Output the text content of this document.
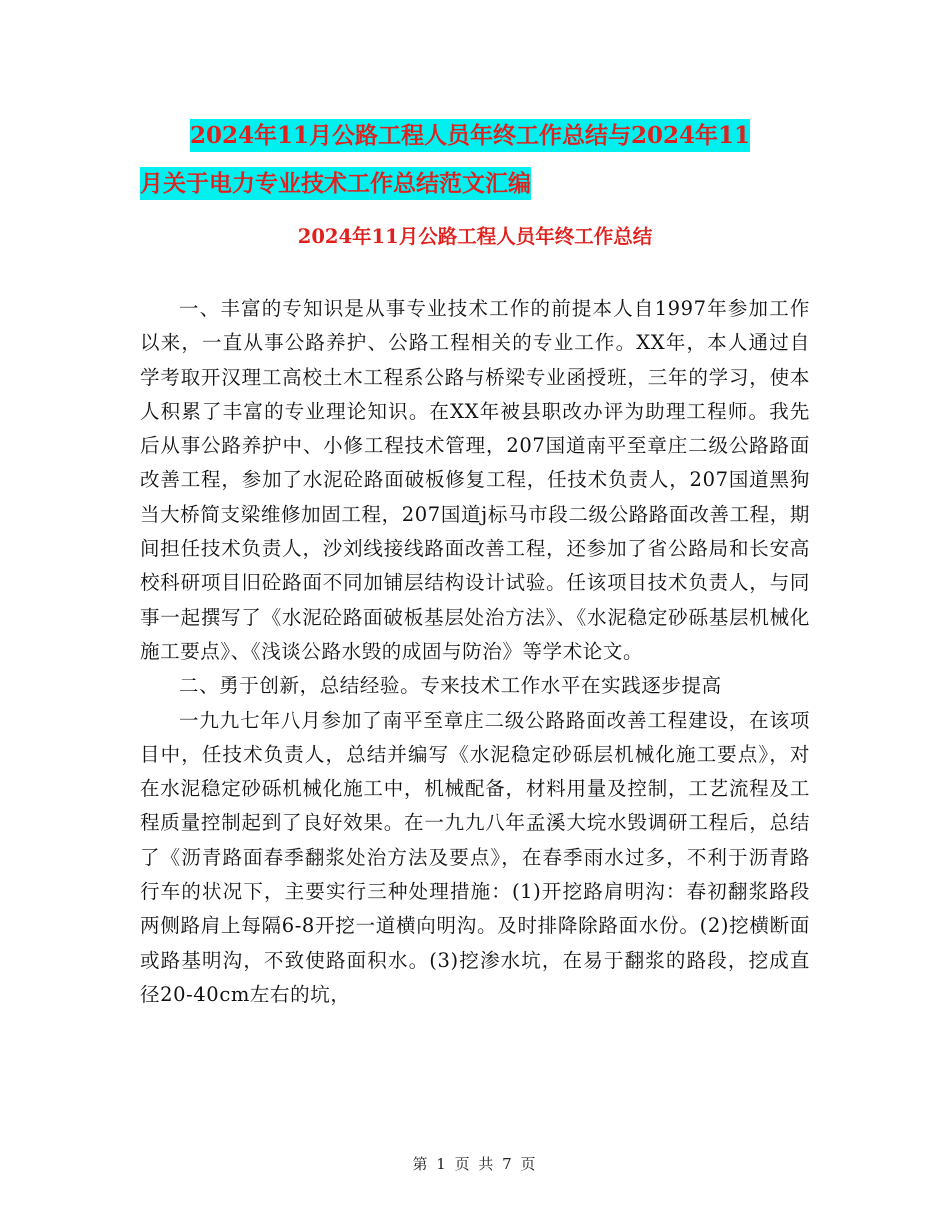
2024年11月公路工程人员年终工作总结与2024年11
月关于电力专业技术工作总结范文汇编
2024年11月公路工程人员年终工作总结

一、丰富的专知识是从事专业技术工作的前提本人自1997年参加工作以来，一直从事公路养护、公路工程相关的专业工作。XX年，本人通过自学考取开汉理工高校土木工程系公路与桥梁专业函授班，三年的学习，使本人积累了丰富的专业理论知识。在XX年被县职改办评为助理工程师。我先后从事公路养护中、小修工程技术管理，207国道南平至章庄二级公路路面改善工程，参加了水泥砼路面破板修复工程，任技术负责人，207国道黑狗当大桥简支梁维修加固工程，207国道j标马市段二级公路路面改善工程，期间担任技术负责人，沙刘线接线路面改善工程，还参加了省公路局和长安高校科研项目旧砼路面不同加铺层结构设计试验。任该项目技术负责人，与同事一起撰写了《水泥砼路面破板基层处治方法》、《水泥稳定砂砾基层机械化施工要点》、《浅谈公路水毁的成固与防治》等学术论文。

二、勇于创新，总结经验。专来技术工作水平在实践逐步提高

一九九七年八月参加了南平至章庄二级公路路面改善工程建设，在该项目中，任技术负责人，总结并编写《水泥稳定砂砾层机械化施工要点》，对在水泥稳定砂砾机械化施工中，机械配备，材料用量及控制，工艺流程及工程质量控制起到了良好效果。在一九九八年孟溪大垸水毁调研工程后，总结了《沥青路面春季翻浆处治方法及要点》，在春季雨水过多，不利于沥青路行车的状况下，主要实行三种处理措施：(1)开挖路肩明沟：春初翻浆路段两侧路肩上每隔6-8开挖一道横向明沟。及时排降除路面水份。(2)挖横断面或路基明沟，不致使路面积水。(3)挖渗水坑，在易于翻浆的路段，挖成直径20-40cm左右的坑，

第 1 页 共 7 页
